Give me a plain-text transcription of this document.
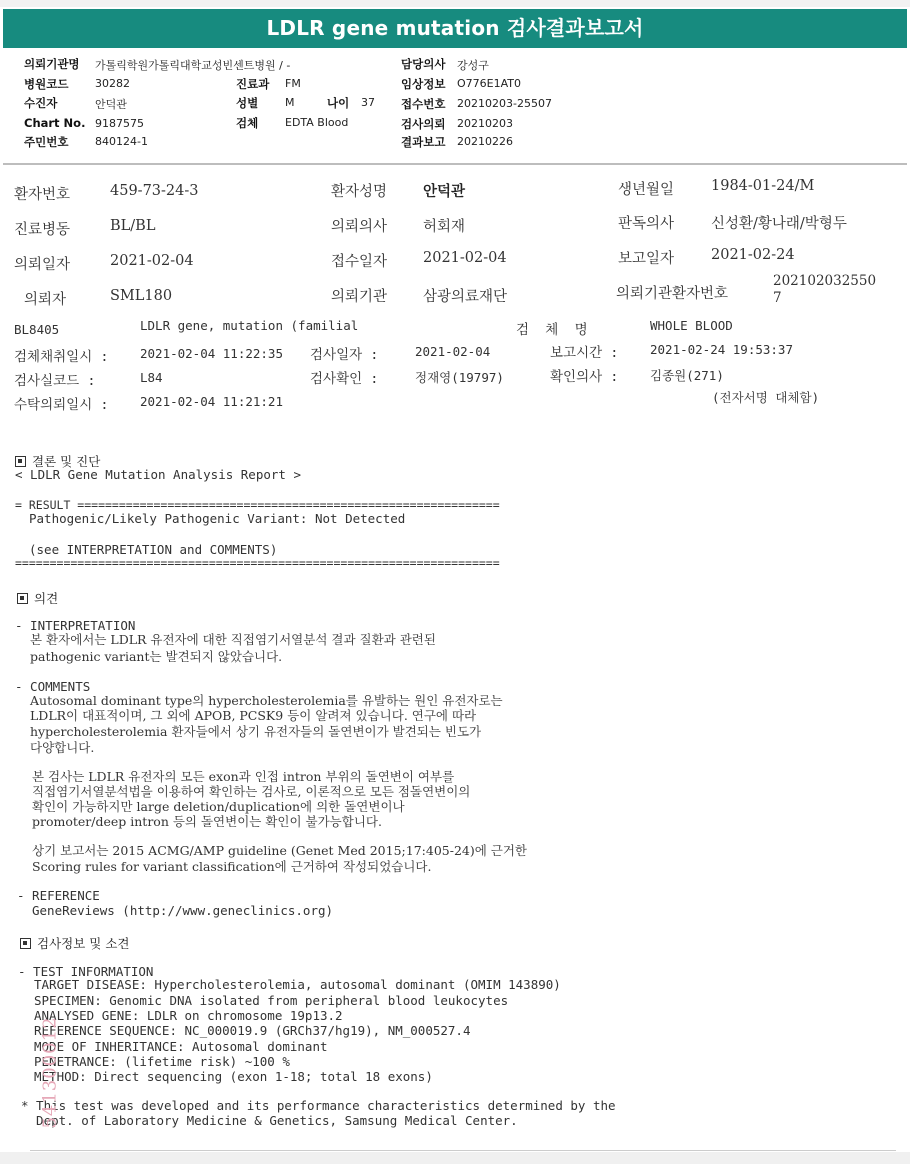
LDLR gene mutation 검사결과보고서
의뢰기관명 가톨릭학원가톨릭대학교성빈센트병원 / -
병원코드 30282
수진자	안덕관
Chart No. 9187575
주민번호 840124-1
진료과 FM
성별 M	나이 37
검체 EDTA Blood
담당의사 강성구
임상정보 O776E1AT0
접수번호 20210203-25507
검사의뢰 20210203
결과보고 20210226
환자번호	459-73-24-3	환자성명 안덕관	생년월일	1984-01-24/M
진료병동	BL/BL	의뢰의사 허회재	판독의사	신성환/황나래/박형두
의뢰일자	2021-02-04	접수일자 2021-02-04	보고일자	2021-02-24
의뢰자	SML180	의뢰기관 삼광의료재단	의뢰기관환자번호
202102032550
7
BL8405	LDLR gene, mutation (familial	검  체  명	WHOLE BLOOD
검체채취일시 :	2021-02-04 11:22:35 검사일자 :	2021-02-04	보고시간 :	2021-02-24 19:53:37
검사실코드 :	L84	검사확인 :	정재영(19797)	확인의사 :	김종원(271)
수탁의뢰일시 :	2021-02-04 11:21:21	(전자서명 대체함)
결론 및 진단
< LDLR Gene Mutation Analysis Report >
= RESULT =============================================================
Pathogenic/Likely Pathogenic Variant: Not Detected
(see INTERPRETATION and COMMENTS)
======================================================================
의견
- INTERPRETATION
본 환자에서는 LDLR 유전자에 대한 직접염기서열분석 결과 질환과 관련된
pathogenic variant는 발견되지 않았습니다.
- COMMENTS
Autosomal dominant type의 hypercholesterolemia를 유발하는 원인 유전자로는
LDLR이 대표적이며, 그 외에 APOB, PCSK9 등이 알려져 있습니다. 연구에 따라
hypercholesterolemia 환자들에서 상기 유전자들의 돌연변이가 발견되는 빈도가
다양합니다.
본 검사는 LDLR 유전자의 모든 exon과 인접 intron 부위의 돌연변이 여부를
직접염기서열분석법을 이용하여 확인하는 검사로, 이론적으로 모든 점돌연변이의
확인이 가능하지만 large deletion/duplication에 의한 돌연변이나
promoter/deep intron 등의 돌연변이는 확인이 불가능합니다.
상기 보고서는 2015 ACMG/AMP guideline (Genet Med 2015;17:405-24)에 근거한
Scoring rules for variant classification에 근거하여 작성되었습니다.
- REFERENCE
GeneReviews (http://www.geneclinics.org)
검사정보 및 소견
- TEST INFORMATION
TARGET DISEASE: Hypercholesterolemia, autosomal dominant (OMIM 143890)
SPECIMEN: Genomic DNA isolated from peripheral blood leukocytes
ANALYSED GENE: LDLR on chromosome 19p13.2
REFERENCE SEQUENCE: NC_000019.9 (GRCh37/hg19), NM_000527.4
MODE OF INHERITANCE: Autosomal dominant
PENETRANCE: (lifetime risk) ~100 %
METHOD: Direct sequencing (exon 1-18; total 18 exons)
* This test was developed and its performance characteristics determined by the
Dept. of Laboratory Medicine & Genetics, Samsung Medical Center.
541300012
